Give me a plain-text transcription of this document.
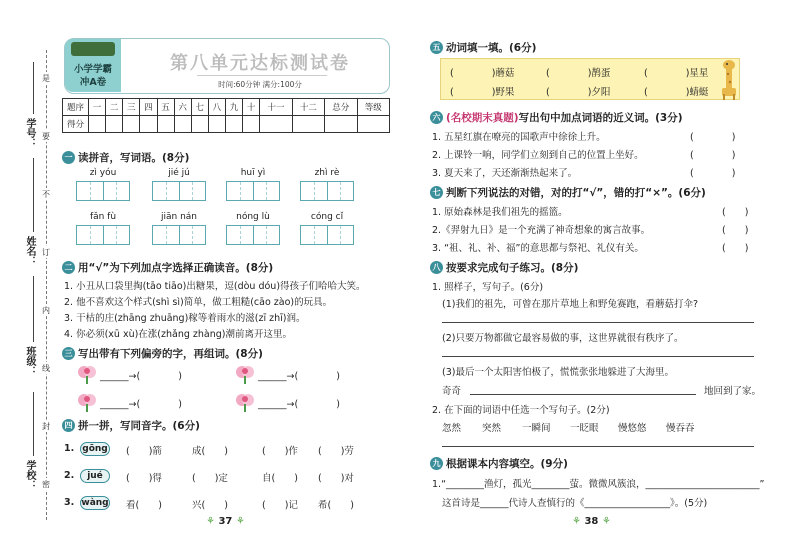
学号：
姓名：
班级：
学校：
是
要
不
订
内
线
封
密
小学学霸
冲A卷
第八单元达标测试卷
时间:60分钟 满分:100分
题序	一	二	三	四	五	六	七	八	九	十	十一	十二	总分	等级
得分														
一 读拼音，写词语。(8分)
zì yóu	jié jú	huī yì	zhì rè
fǎn fù	jiān nán	nóng lù	cóng cǐ
二 用“√”为下列加点字选择正确读音。(8分)
1. 小丑从口袋里掏(tāo tiāo)出糖果，逗(dòu dóu)得孩子们哈哈大笑。
2. 他不喜欢这个样式(shì sì)简单，做工粗糙(cāo zào)的玩具。
3. 干枯的庄(zhāng zhuāng)稼等着雨水的滋(zī zhī)润。
4. 你必须(xū xù)在涨(zhǎng zhàng)潮前离开这里。
三 写出带有下列偏旁的字，再组词。(8分)
______→(　　　　	)	______→(　　　　	)
______→(　　　　	)	______→(　　　　	)
四 拼一拼，写同音字。(6分)
1. gōng (　　)箭	成(　　)	(　　)作 (　　)劳
2.	jué	(　　)得	(　　)定	自(　　) (　　)对
3. wàng 看(　　)	兴(　　)	(　　)记 希(　　)
⚘ 37 ⚘
五 动词填一填。(6分)
(　　　　)蘑菇	(　　　　)鹊蛋	(　　　　)星星
(　　　　)野果	(　　　　)夕阳	(　　　　)蜻蜓
六 (名校期末真题) 写出句中加点词语的近义词。(3分)
1. 五星红旗在嘹亮的国歌声中徐徐上升。	(　　　　)
2. 上课铃一响，同学们立刻到自己的位置上坐好。	(　　　　)
3. 夏天来了，天还渐渐热起来了。	(　　　　)
七 判断下列说法的对错，对的打“√”，错的打“×”。(6分)
1. 原始森林是我们祖先的摇篮。	(　　)
2.《羿射九日》是一个充满了神奇想象的寓言故事。	(　　)
3. “祖、礼、补、福”的意思都与祭祀、礼仪有关。	(　　)
八 按要求完成句子练习。(8分)
1. 照样子，写句子。(6分)
(1)我们的祖先，可曾在那片草地上和野兔赛跑，看蘑菇打伞?
(2)只要万物都做它最容易做的事，这世界就很有秩序了。
(3)最后一个太阳害怕极了，慌慌张张地躲进了大海里。
奇奇	地回到了家。
2. 在下面的词语中任选一个写句子。(2分)
忽然 突然 一瞬间 一眨眼 慢悠悠 慢吞吞
九 根据课本内容填空。(9分)
1.“________渔灯，孤光________萤。微微风簇浪，________________________”
这首诗是______代诗人查慎行的《__________________》。(5分)
⚘ 38 ⚘
